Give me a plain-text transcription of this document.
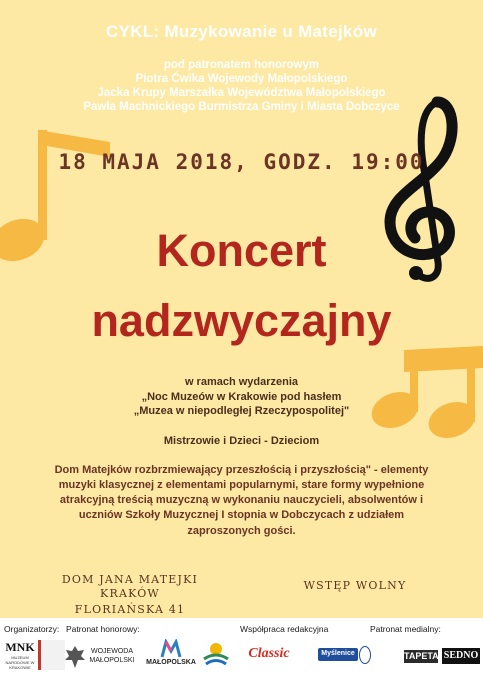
CYKL: Muzykowanie u Matejków
pod patronatem honorowym
Piotra Ćwika Wojewody Małopolskiego
Jacka Krupy Marszałka Województwa Małopolskiego
Pawła Machnickiego Burmistrza Gminy i Miasta Dobczyce
18 MAJA 2018, GODZ. 19:00
Koncert
nadzwyczajny
w ramach wydarzenia
„Noc Muzeów w Krakowie pod hasłem
„Muzea w niepodległej Rzeczypospolitej"
Mistrzowie i Dzieci - Dzieciom
Dom Matejków rozbrzmiewający przeszłością i przyszłością" - elementy
muzyki klasycznej z elementami popularnymi, stare formy wypełnione
atrakcyjną treścią muzyczną w wykonaniu nauczycieli, absolwentów i
uczniów Szkoły Muzycznej I stopnia w Dobczycach z udziałem
zaproszonych gości.
DOM JANA MATEJKI KRAKÓW
FLORIAŃSKA 41
WSTĘP WOLNY
Organizatorzy: Patronat honorowy:	Współpraca redakcyjna	Patronat medialny:
MNK
MUZEUM NARODOWE W KRAKOWIE
WOJEWODA
MAŁOPOLSKI	MAŁOPOLSKA
Classic	Myślenice	TAPETA SEDNO
